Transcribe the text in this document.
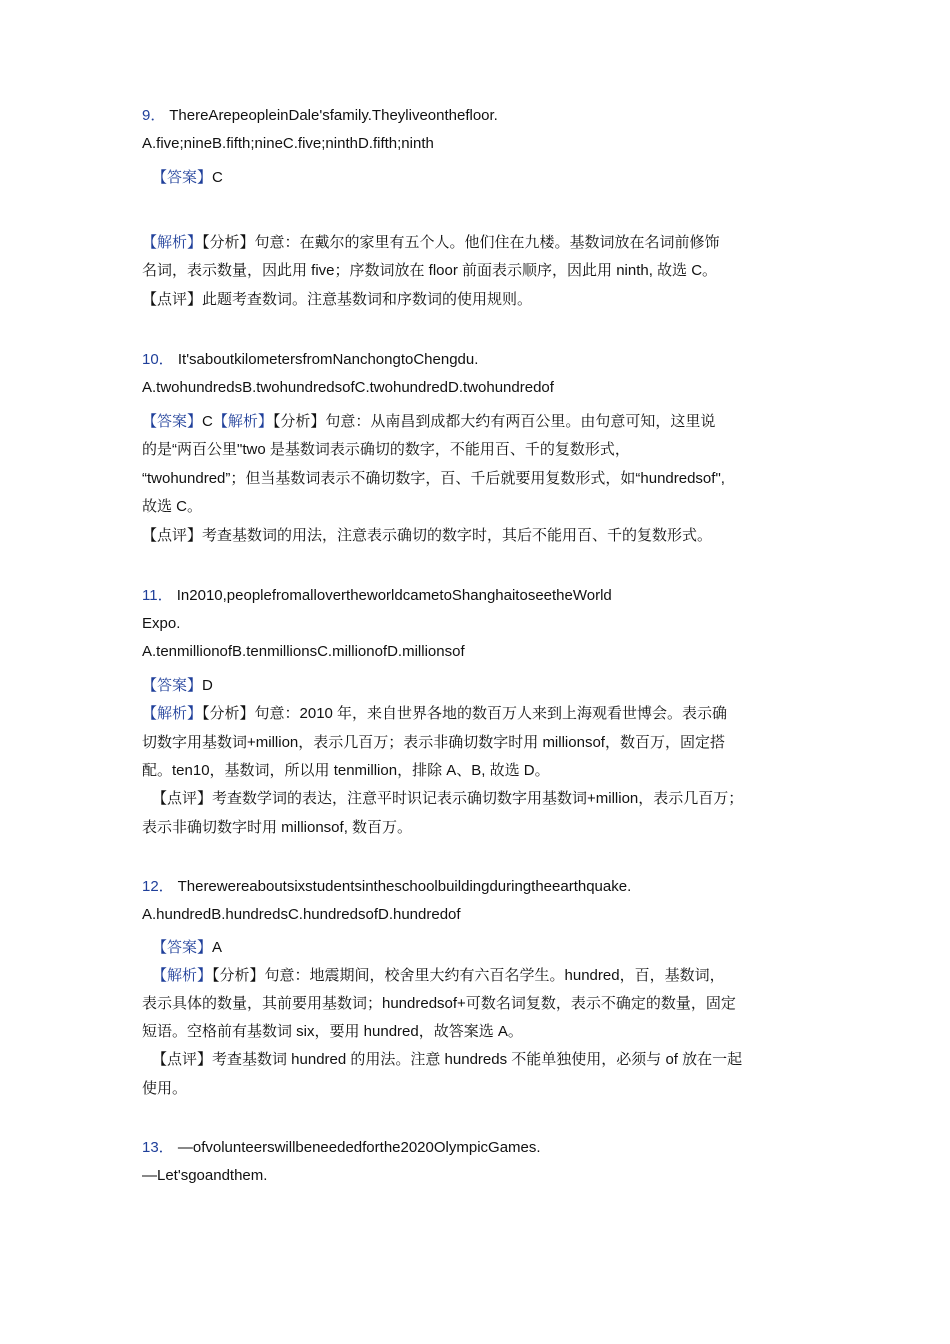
9． ThereArepeopleinDale'sfamily.Theyliveonthefloor.
A.five;nineB.fifth;nineC.five;ninthD.fifth;ninth
【答案】C
【解析】【分析】句意：在戴尔的家里有五个人。他们住在九楼。基数词放在名词前修饰
名词，表示数量，因此用 five；序数词放在 floor 前面表示顺序，因此用 ninth, 故选 C。
【点评】此题考查数词。注意基数词和序数词的使用规则。
10． It'saboutkilometersfromNanchongtoChengdu.
A.twohundredsB.twohundredsofC.twohundredD.twohundredof
【答案】C【解析】【分析】句意：从南昌到成都大约有两百公里。由句意可知，这里说
的是“两百公里"two 是基数词表示确切的数字，不能用百、千的复数形式，
“twohundred”；但当基数词表示不确切数字，百、千后就要用复数形式，如“hundredsof",
故选 C。
【点评】考查基数词的用法，注意表示确切的数字时，其后不能用百、千的复数形式。
11． In2010,peoplefromallovertheworldcametoShanghaitoseetheWorld
Expo.
A.tenmillionofB.tenmillionsC.millionofD.millionsof
【答案】D
【解析】【分析】句意：2010 年，来自世界各地的数百万人来到上海观看世博会。表示确
切数字用基数词+million，表示几百万；表示非确切数字时用 millionsof，数百万，固定搭
配。ten10，基数词，所以用 tenmillion，排除 A、B, 故选 D。
【点评】考查数学词的表达，注意平时识记表示确切数字用基数词+million，表示几百万；
表示非确切数字时用 millionsof, 数百万。
12． Therewereaboutsixstudentsintheschoolbuildingduringtheearthquake.
A.hundredB.hundredsC.hundredsofD.hundredof
【答案】A
【解析】【分析】句意：地震期间，校舍里大约有六百名学生。hundred，百，基数词，
表示具体的数量，其前要用基数词；hundredsof+可数名词复数，表示不确定的数量，固定
短语。空格前有基数词 six，要用 hundred，故答案选 A。
【点评】考查基数词 hundred 的用法。注意 hundreds 不能单独使用，必须与 of 放在一起
使用。
13． —ofvolunteerswillbeneededforthe2020OlympicGames.
—Let'sgoandthem.
